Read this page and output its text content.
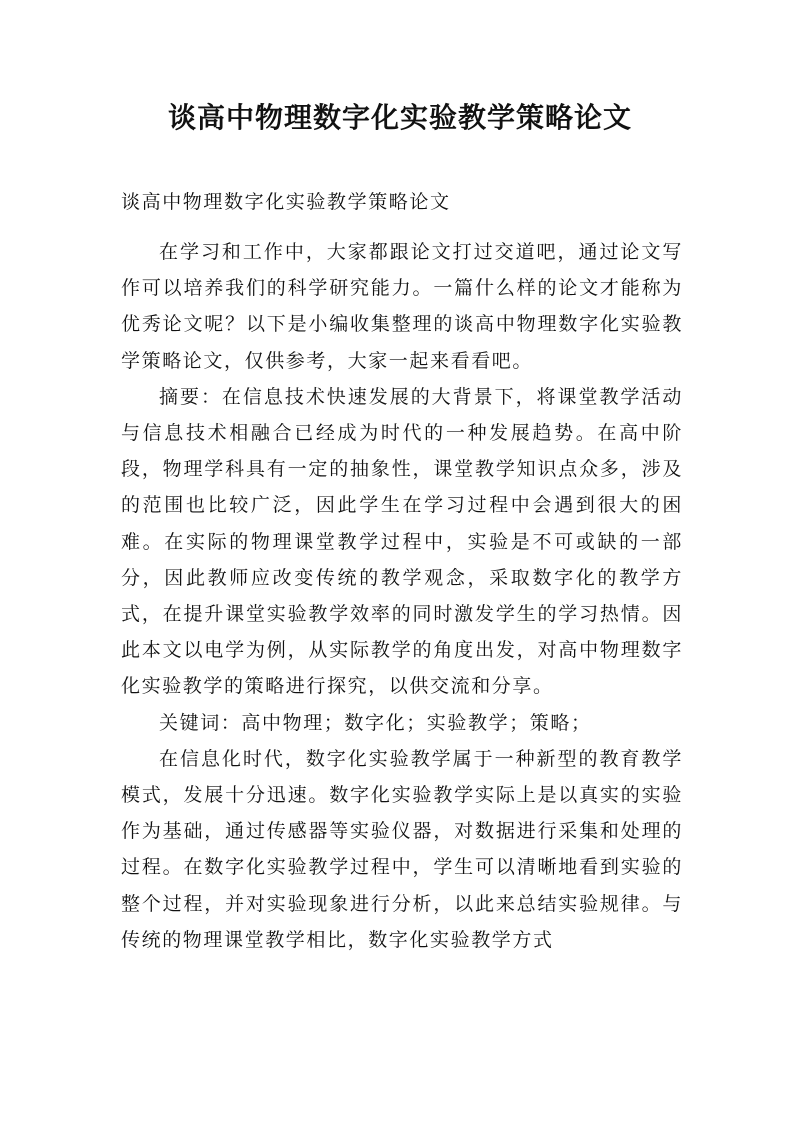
谈高中物理数字化实验教学策略论文
谈高中物理数字化实验教学策略论文

在学习和工作中，大家都跟论文打过交道吧，通过论文写作可以培养我们的科学研究能力。一篇什么样的论文才能称为优秀论文呢？以下是小编收集整理的谈高中物理数字化实验教学策略论文，仅供参考，大家一起来看看吧。

摘要：在信息技术快速发展的大背景下，将课堂教学活动与信息技术相融合已经成为时代的一种发展趋势。在高中阶段，物理学科具有一定的抽象性，课堂教学知识点众多，涉及的范围也比较广泛，因此学生在学习过程中会遇到很大的困难。在实际的物理课堂教学过程中，实验是不可或缺的一部分，因此教师应改变传统的教学观念，采取数字化的教学方式，在提升课堂实验教学效率的同时激发学生的学习热情。因此本文以电学为例，从实际教学的角度出发，对高中物理数字化实验教学的策略进行探究，以供交流和分享。

关键词：高中物理；数字化；实验教学；策略；

在信息化时代，数字化实验教学属于一种新型的教育教学模式，发展十分迅速。数字化实验教学实际上是以真实的实验作为基础，通过传感器等实验仪器，对数据进行采集和处理的过程。在数字化实验教学过程中，学生可以清晰地看到实验的整个过程，并对实验现象进行分析，以此来总结实验规律。与传统的物理课堂教学相比，数字化实验教学方式
